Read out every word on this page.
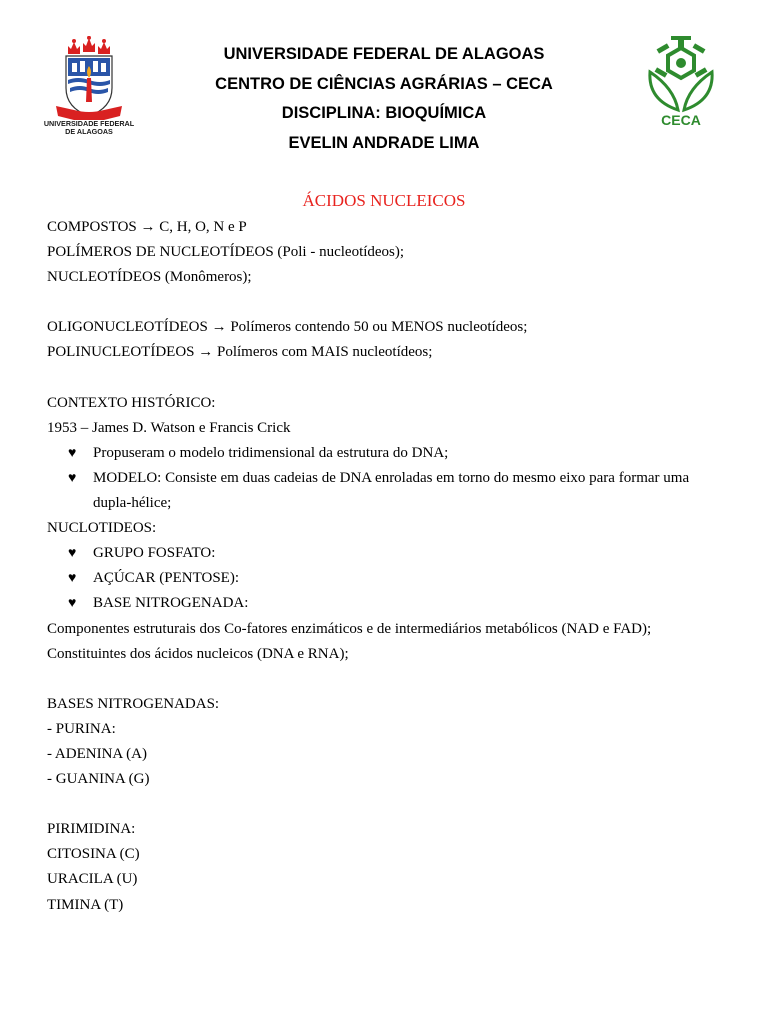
UNIVERSIDADE FEDERAL
DE ALAGOAS
UNIVERSIDADE FEDERAL DE ALAGOAS
CENTRO DE CIÊNCIAS AGRÁRIAS – CECA
DISCIPLINA: BIOQUÍMICA
EVELIN ANDRADE LIMA
CECA
ÁCIDOS NUCLEICOS
COMPOSTOS → C, H, O, N e P
POLÍMEROS DE NUCLEOTÍDEOS (Poli - nucleotídeos);
NUCLEOTÍDEOS (Monômeros);
OLIGONUCLEOTÍDEOS → Polímeros contendo 50 ou MENOS nucleotídeos;
POLINUCLEOTÍDEOS → Polímeros com MAIS nucleotídeos;
CONTEXTO HISTÓRICO:
1953 – James D. Watson e Francis Crick
♥ Propuseram o modelo tridimensional da estrutura do DNA;
♥ MODELO: Consiste em duas cadeias de DNA enroladas em torno do mesmo eixo para formar uma
dupla-hélice;
NUCLOTIDEOS:
♥ GRUPO FOSFATO:
♥ AÇÚCAR (PENTOSE):
♥ BASE NITROGENADA:
Componentes estruturais dos Co-fatores enzimáticos e de intermediários metabólicos (NAD e FAD);
Constituintes dos ácidos nucleicos (DNA e RNA);
BASES NITROGENADAS:
- PURINA:
- ADENINA (A)
- GUANINA (G)
PIRIMIDINA:
CITOSINA (C)
URACILA (U)
TIMINA (T)
